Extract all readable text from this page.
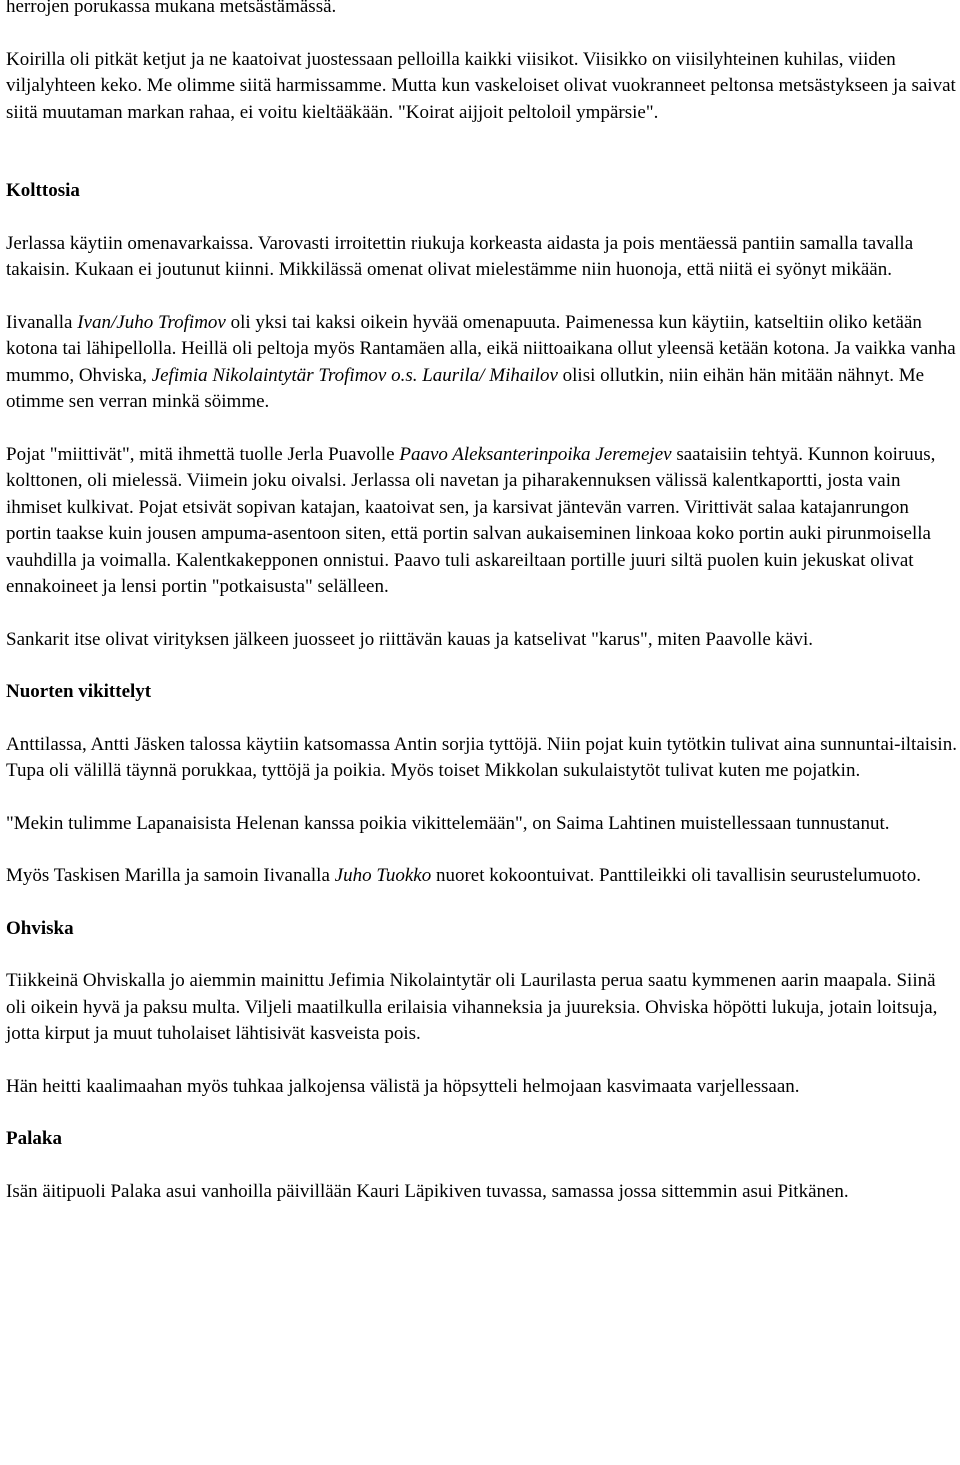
herrojen porukassa mukana metsästämässä.

Koirilla oli pitkät ketjut ja ne kaatoivat juostessaan pelloilla kaikki viisikot. Viisikko on viisilyhteinen kuhilas, viiden viljalyhteen keko. Me olimme siitä harmissamme. Mutta kun vaskeloiset olivat vuokranneet peltonsa metsästykseen ja saivat siitä muutaman markan rahaa, ei voitu kieltääkään. "Koirat aijjoit peltoloil ympärsie".

Kolttosia

Jerlassa käytiin omenavarkaissa. Varovasti irroitettin riukuja korkeasta aidasta ja pois mentäessä pantiin samalla tavalla takaisin. Kukaan ei joutunut kiinni. Mikkilässä omenat olivat mielestämme niin huonoja, että niitä ei syönyt mikään.

Iivanalla Ivan/Juho Trofimov oli yksi tai kaksi oikein hyvää omenapuuta. Paimenessa kun käytiin, katseltiin oliko ketään kotona tai lähipellolla. Heillä oli peltoja myös Rantamäen alla, eikä niittoaikana ollut yleensä ketään kotona. Ja vaikka vanha mummo, Ohviska, Jefimia Nikolaintytär Trofimov o.s. Laurila/ Mihailov olisi ollutkin, niin eihän hän mitään nähnyt. Me otimme sen verran minkä söimme.

Pojat "miittivät", mitä ihmettä tuolle Jerla Puavolle Paavo Aleksanterinpoika Jeremejev saataisiin tehtyä. Kunnon koiruus, kolttonen, oli mielessä. Viimein joku oivalsi. Jerlassa oli navetan ja piharakennuksen välissä kalentkaportti, josta vain ihmiset kulkivat. Pojat etsivät sopivan katajan, kaatoivat sen, ja karsivat jäntevän varren. Virittivät salaa katajanrungon portin taakse kuin jousen ampuma-asentoon siten, että portin salvan aukaiseminen linkoaa koko portin auki pirunmoisella vauhdilla ja voimalla. Kalentkakepponen onnistui. Paavo tuli askareiltaan portille juuri siltä puolen kuin jekuskat olivat ennakoineet ja lensi portin "potkaisusta" selälleen.

Sankarit itse olivat virityksen jälkeen juosseet jo riittävän kauas ja katselivat "karus", miten Paavolle kävi.

Nuorten vikittelyt

Anttilassa, Antti Jäsken talossa käytiin katsomassa Antin sorjia tyttöjä. Niin pojat kuin tytötkin tulivat aina sunnuntai-iltaisin. Tupa oli välillä täynnä porukkaa, tyttöjä ja poikia. Myös toiset Mikkolan sukulaistytöt tulivat kuten me pojatkin.

"Mekin tulimme Lapanaisista Helenan kanssa poikia vikittelemään", on Saima Lahtinen muistellessaan tunnustanut.

Myös Taskisen Marilla ja samoin Iivanalla Juho Tuokko nuoret kokoontuivat. Panttileikki oli tavallisin seurustelumuoto.

Ohviska

Tiikkeinä Ohviskalla jo aiemmin mainittu Jefimia Nikolaintytär oli Laurilasta perua saatu kymmenen aarin maapala. Siinä oli oikein hyvä ja paksu multa. Viljeli maatilkulla erilaisia vihanneksia ja juureksia. Ohviska höpötti lukuja, jotain loitsuja, jotta kirput ja muut tuholaiset lähtisivät kasveista pois.

Hän heitti kaalimaahan myös tuhkaa jalkojensa välistä ja höpsytteli helmojaan kasvimaata varjellessaan.

Palaka

Isän äitipuoli Palaka asui vanhoilla päivillään Kauri Läpikiven tuvassa, samassa jossa sittemmin asui Pitkänen.
